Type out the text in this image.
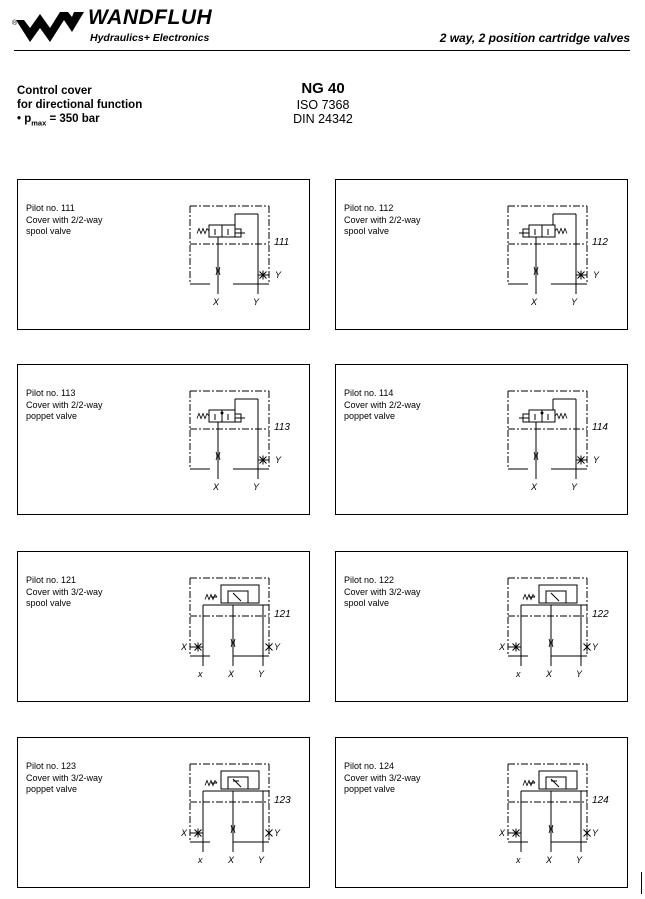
®	WANDFLUH
Hydraulics+ Electronics	2 way, 2 position cartridge valves
Control cover
for directional function
• $p_{max} = 350$ bar
NG 40
ISO 7368
DIN 24342
Pilot no. 111
Cover with 2/2-way
spool valve
111
X	Y
Y
Pilot no. 112
Cover with 2/2-way
spool valve
112
X	Y
Y
Pilot no. 113
Cover with 2/2-way
poppet valve
113
X	Y
Y
Pilot no. 114
Cover with 2/2-way
poppet valve
114
X	Y
Y
Pilot no. 121
Cover with 3/2-way
spool valve
121
X
X
x	Y
Y
Pilot no. 122
Cover with 3/2-way
spool valve
122
X
X
x	Y
Y
Pilot no. 123
Cover with 3/2-way
poppet valve
123
X
X
x	Y
Y
Pilot no. 124
Cover with 3/2-way
poppet valve
124
X
X
x	Y
Y
